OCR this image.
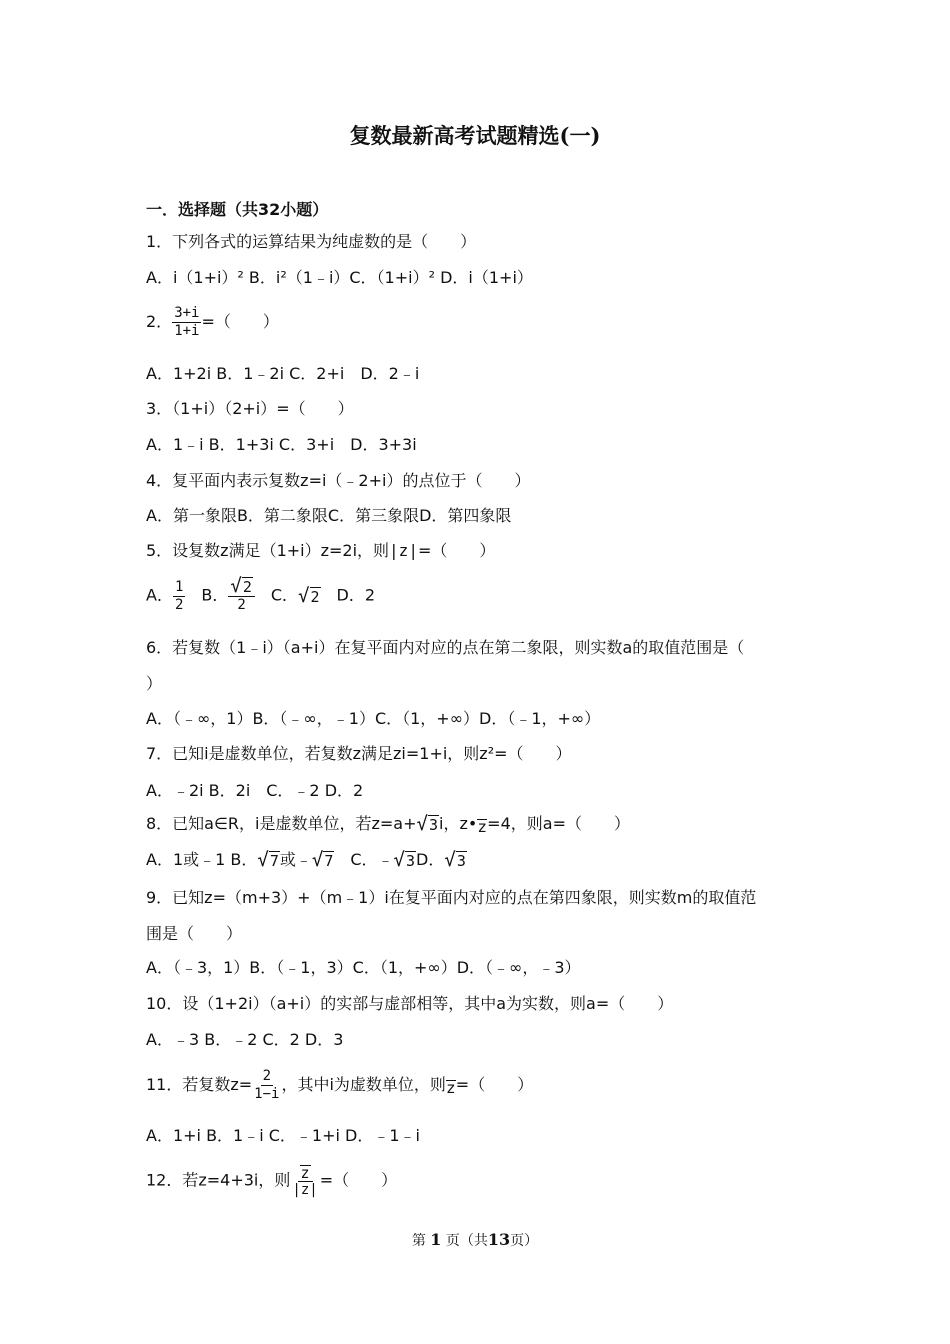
复数最新高考试题精选(一)
一．选择题（共32小题）
1．下列各式的运算结果为纯虚数的是（　　）
A．i（1+i）² B．i²（1﹣i）C．（1+i）² D．i（1+i）
2． $\frac{3+i}{1+i}$ =（　　）
A．1+2i B．1﹣2i C．2+i　D．2﹣i
3．（1+i）（2+i）=（　　）
A．1﹣i B．1+3i C．3+i　D．3+3i
4．复平面内表示复数z=i（﹣2+i）的点位于（　　）
A．第一象限B．第二象限C．第三象限D．第四象限
5．设复数z满足（1+i）z=2i，则|z|=（　　）
A． $\frac{1}{2}$ 　B． $\frac{√2}{2}$ 　C．√2　D．2
6．若复数（1﹣i）（a+i）在复平面内对应的点在第二象限，则实数a的取值范围是（
）
A．（﹣∞，1）B．（﹣∞，﹣1）C．（1，+∞）D．（﹣1，+∞）
7．已知i是虚数单位，若复数z满足zi=1+i，则z²=（　　）
A．﹣2i B．2i　C．﹣2 D．2
8．已知a∈R，i是虚数单位，若z=a+√3i，z•z=4，则a=（　　）
A．1或﹣1 B．√7或﹣√7　C．﹣√3D．√3
9．已知z=（m+3）+（m﹣1）i在复平面内对应的点在第四象限，则实数m的取值范
围是（　　）
A．（﹣3，1）B．（﹣1，3）C．（1，+∞）D．（﹣∞，﹣3）
10．设（1+2i）（a+i）的实部与虚部相等，其中a为实数，则a=（　　）
A．﹣3 B．﹣2 C．2 D．3
11．若复数$z= \frac{2}{1-i}$ ，其中i为虚数单位，则z=（　　）
A．1+i B．1﹣i C．﹣1+i D．﹣1﹣i
12．若z=4+3i，则 $\frac{z}{|z|}$ =（　　）
第 1 页（共13页）
